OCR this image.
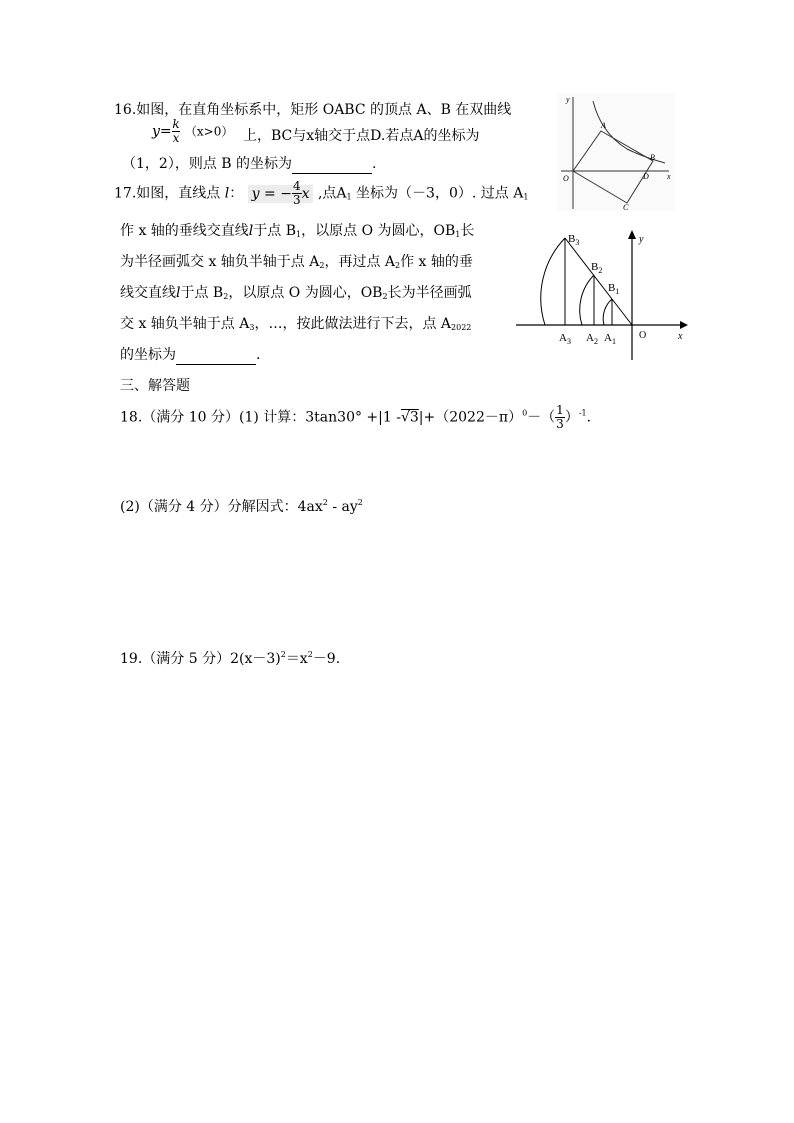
16.如图，在直角坐标系中，矩形 OABC 的顶点 A、B 在双曲线
$y= \frac{k}{x} (x>0)$ 上，BC与x轴交于点D.若点A的坐标为
（1，2），则点 B 的坐标为	.
y
A
B
O	D x
C
17.如图，直线点 l： y = − $\frac{4}{3}$ x ,点$A_1$ 坐标为（－3，0）. 过点 $A_1$
作 x 轴的垂线交直线l于点 $B_1$，以原点 O 为圆心，$OB_1$长
为半径画弧交 x 轴负半轴于点 $A_2$，再过点 $A_2$作 x 轴的垂
线交直线l于点 $B_2$，以原点 O 为圆心，$OB_2$长为半径画弧
交 x 轴负半轴于点 $A_3$，…，按此做法进行下去，点 $A_{2022}$
的坐标为	.
$B_3$
$B_2$
$B_1$
y
x
O
$A_3$ $A_2$ $A_1$
三、解答题
18.（满分 10 分）(1) 计算：3tan30° +|1 $-√3|+(2022-\pi)^0-( \frac{1}{3} )^{-1}$.
(2)（满分 4 分）分解因式：$4ax^2 - ay^2$
19.（满分 5 分）$2(x-3)^2=x^2-9$.
